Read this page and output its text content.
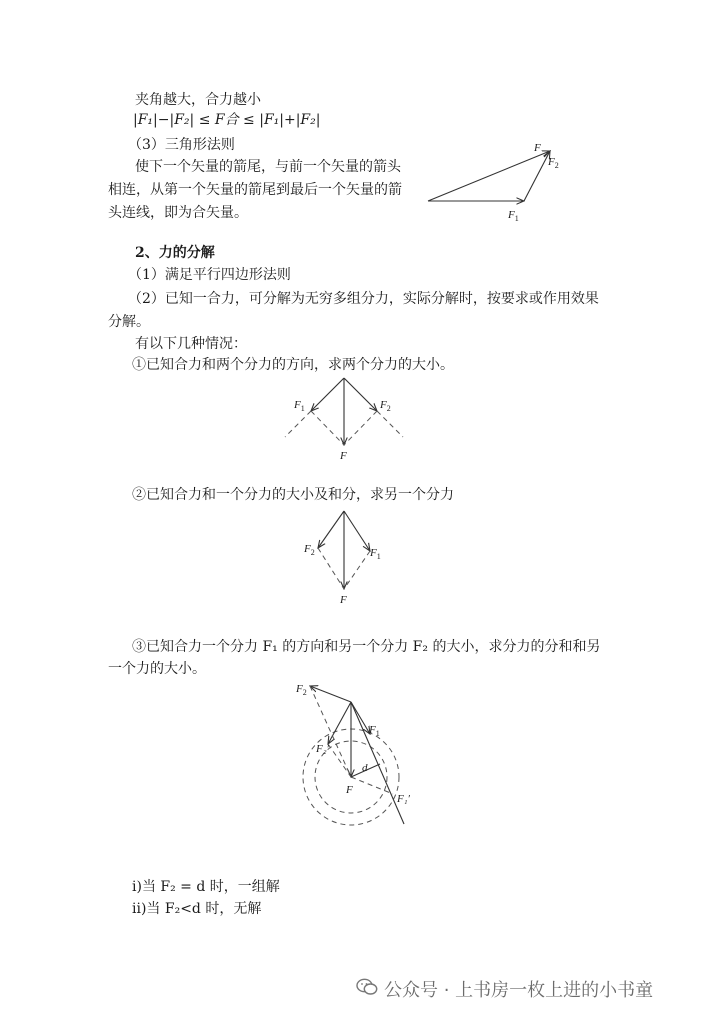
夹角越大，合力越小
|F₁|−|F₂| ≤ F合 ≤ |F₁|+|F₂|
（3）三角形法则
使下一个矢量的箭尾，与前一个矢量的箭头
相连，从第一个矢量的箭尾到最后一个矢量的箭
头连线，即为合矢量。
F
$F_2$
$F_1$
2、力的分解
（1）满足平行四边形法则
（2）已知一合力，可分解为无穷多组分力，实际分解时，按要求或作用效果
分解。
有以下几种情况：
①已知合力和两个分力的方向，求两个分力的大小。
$F_1$	$F_2$
F
②已知合力和一个分力的大小及和分，求另一个分力
$F_2$	$F_1$
F
③已知合力一个分力 F₁ 的方向和另一个分力 F₂ 的大小，求分力的分和和另
一个力的大小。
$F_2$
$F_1$
F₂′
d
F
F₁′
i)当 F₂ = d 时，一组解
ii)当 F₂<d 时，无解
公众号 · 上书房一枚上进的小书童
